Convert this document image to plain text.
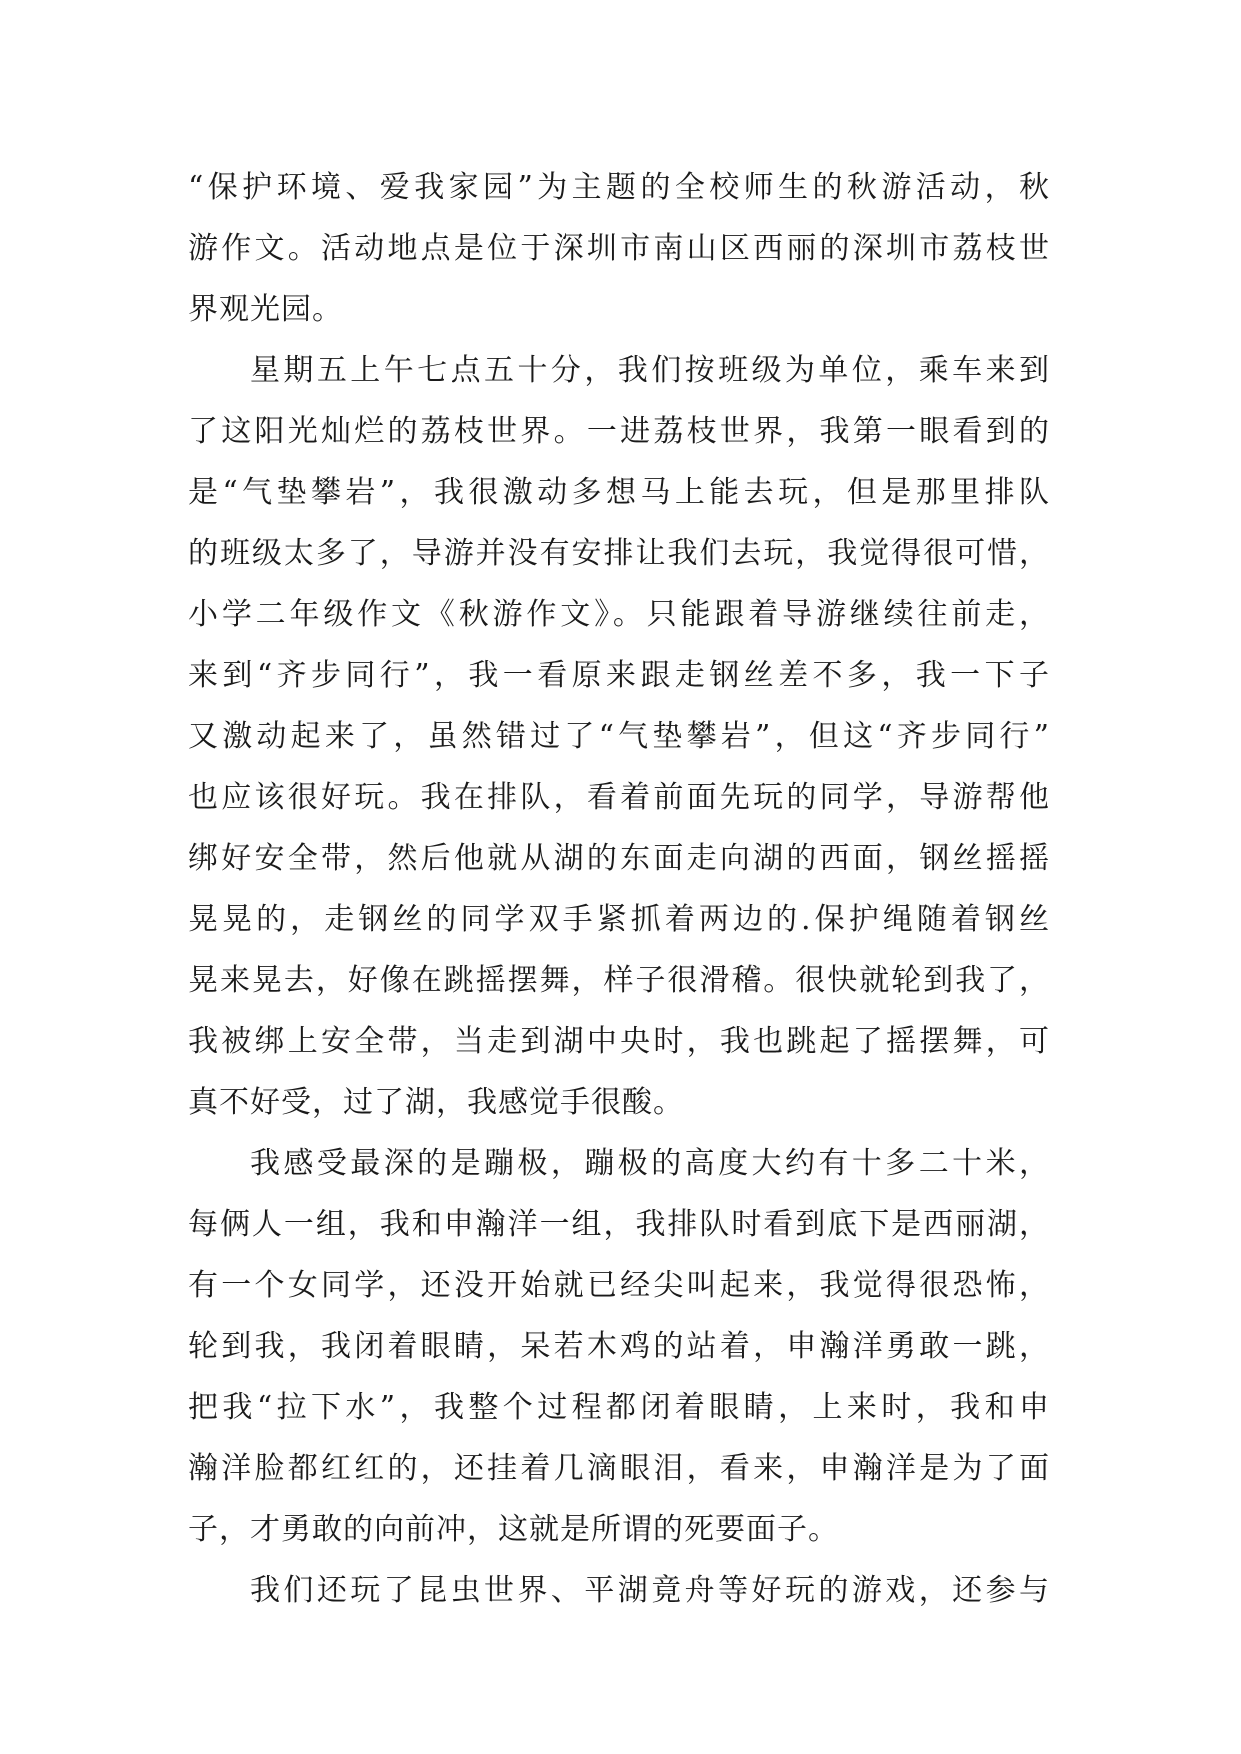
“保护环境、爱我家园”为主题的全校师生的秋游活动，秋
游作文。活动地点是位于深圳市南山区西丽的深圳市荔枝世
界观光园。
星期五上午七点五十分，我们按班级为单位，乘车来到
了这阳光灿烂的荔枝世界。一进荔枝世界，我第一眼看到的
是“气垫攀岩”，我很激动多想马上能去玩，但是那里排队
的班级太多了，导游并没有安排让我们去玩，我觉得很可惜，
小学二年级作文《秋游作文》。只能跟着导游继续往前走，
来到“齐步同行”，我一看原来跟走钢丝差不多，我一下子
又激动起来了，虽然错过了“气垫攀岩”，但这“齐步同行”
也应该很好玩。我在排队，看着前面先玩的同学，导游帮他
绑好安全带，然后他就从湖的东面走向湖的西面，钢丝摇摇
晃晃的，走钢丝的同学双手紧抓着两边的.保护绳随着钢丝
晃来晃去，好像在跳摇摆舞，样子很滑稽。很快就轮到我了，
我被绑上安全带，当走到湖中央时，我也跳起了摇摆舞，可
真不好受，过了湖，我感觉手很酸。
我感受最深的是蹦极，蹦极的高度大约有十多二十米，
每俩人一组，我和申瀚洋一组，我排队时看到底下是西丽湖，
有一个女同学，还没开始就已经尖叫起来，我觉得很恐怖，
轮到我，我闭着眼睛，呆若木鸡的站着，申瀚洋勇敢一跳，
把我“拉下水”，我整个过程都闭着眼睛，上来时，我和申
瀚洋脸都红红的，还挂着几滴眼泪，看来，申瀚洋是为了面
子，才勇敢的向前冲，这就是所谓的死要面子。
我们还玩了昆虫世界、平湖竟舟等好玩的游戏，还参与
